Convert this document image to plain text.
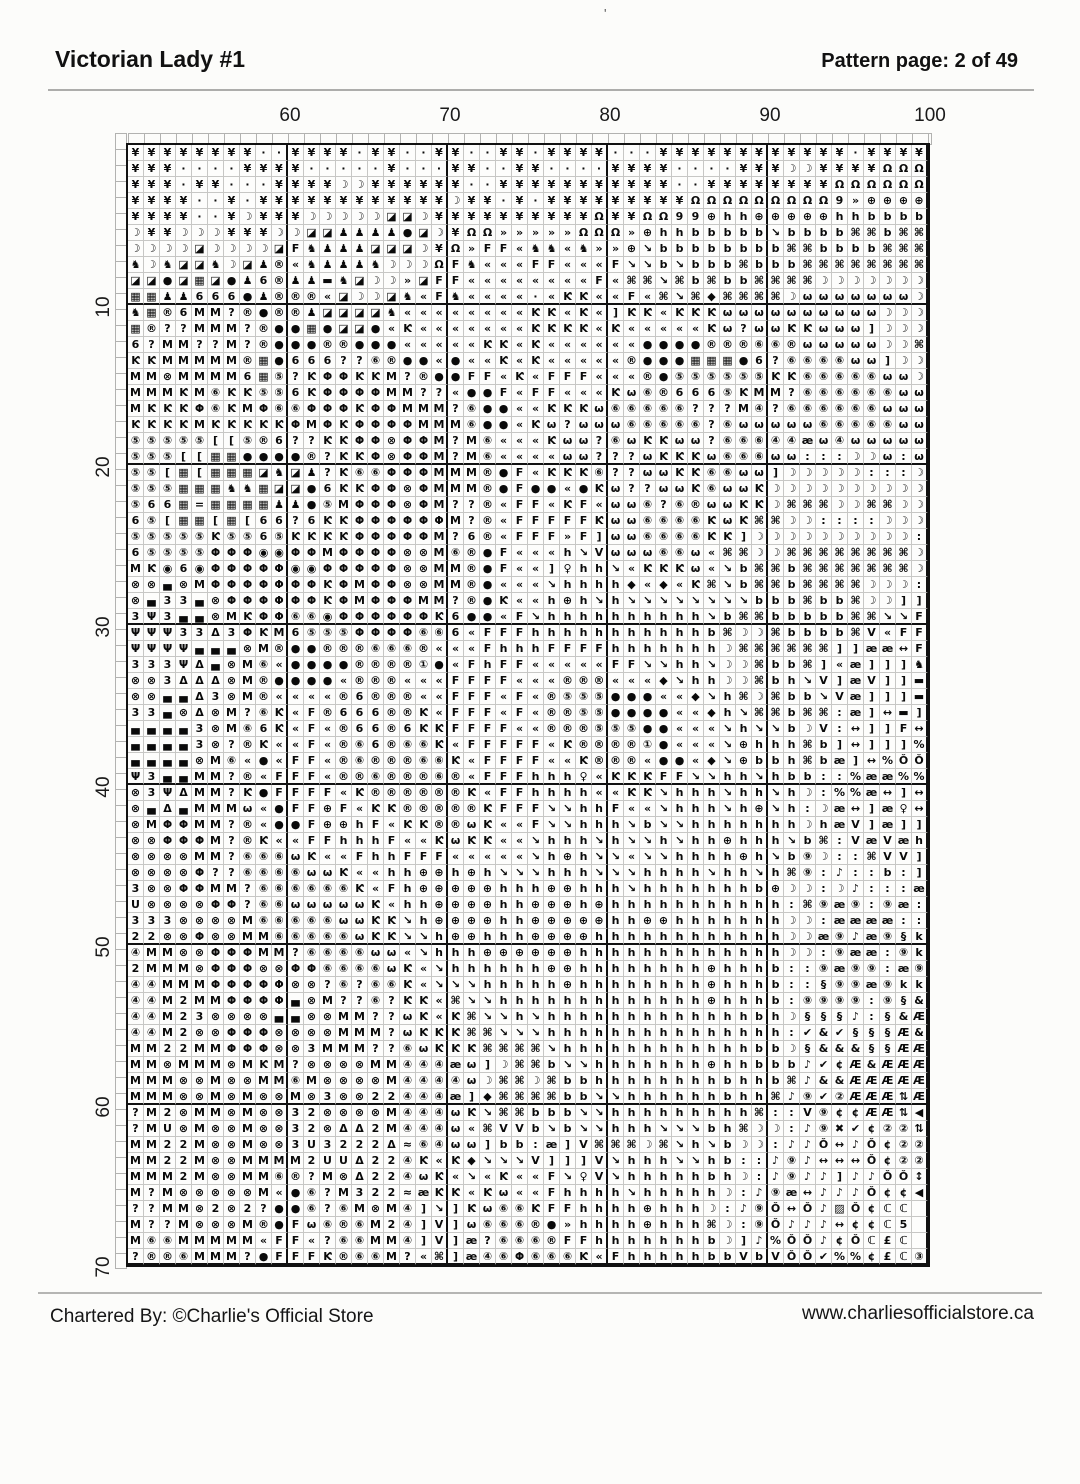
Victorian Lady #1	Pattern page: 2 of 49
'
60	70	80	90	100
10
20
30
40
50
60
70
¥ ¥ ¥ ¥ ¥ ¥ ¥ ¥ ·	· ¥ ¥ ¥ ¥ · ¥ ¥ ·	· ¥ ¥ ·	· ¥ ¥ · ¥ ¥ ¥ ¥ ·	·	· ¥ ¥ ¥ ¥ ¥ ¥ ¥ ¥ ¥ ¥ ¥ ¥ · ¥ ¥ ¥ ¥
¥ ¥ ¥ ·	·	·	· ¥ ¥ ¥ ¥ ·	·	·	·	· ¥ ·	·	· ¥ ¥ ·	· ¥ ¥ ·	·	·	· ¥ ¥ ¥ ¥ ·	·	·	· ¥ ¥ ¥ ☽ ☽ ¥ ¥ ¥ ¥ Ω Ω Ω
¥ ¥ ¥ · ¥ ¥ ·	·	· ¥ ¥ ¥ ¥ ☽ ☽ ¥ ¥ ¥ ¥ ¥ ¥ ·	· ¥ ¥ ¥ ¥ ¥ ¥ ¥ ¥ ¥ ¥ ¥ ·	· ¥ ¥ ¥ ¥ ¥ ¥ ¥ ¥ Ω Ω Ω Ω Ω Ω
¥ ¥ ¥ ¥ ·	· ¥ · ¥ ¥ ¥ ¥ ¥ ¥ ¥ ¥ ¥ ¥ ¥ ¥ ☽ ¥ ¥ · ¥ · ¥ ¥ ¥ ¥ ¥ ¥ ¥ ¥ ¥ Ω Ω Ω Ω Ω Ω Ω Ω Ω 9 » ⊕ ⊕ ⊕ ⊕
¥ ¥ ¥ ¥ ·	· ¥ ☽ ¥ ¥ ¥ ☽ ☽ ☽ ☽ ☽ ◪ ◪ ☽ ¥ ¥ ¥ ¥ ¥ ¥ ¥ ¥ ¥ ¥ Ω ¥ ¥ Ω Ω 9 9 ⊕ h h ⊕ ⊕ ⊕ ⊕ ⊕ h h b b b b
☽ ¥ ¥ ☽ ☽ ☽ ¥ ¥ ¥ ☽ ☽ ◪ ◪ ♟ ♟ ♟ ♟ ● ◪ ☽ ¥ Ω Ω » » » » » Ω Ω Ω » ⊕ h h b b b b b ↘ b b b b ⌘ ⌘ b ⌘ ⌘
☽ ☽ ☽ ☽ ◪ ☽ ☽ ☽ ☽ ◪ F ♞ ♟ ♟ ♟ ◪ ◪ ◪ ☽ ¥ Ω » F F « ♞ ♞ « ♞ » » ⊕ ↘ b b b b b b b b ⌘ ⌘ b b b b ⌘ ⌘ ⌘
♞ ☽ ♞ ◪ ◪ ♞ ☽ ◪ ♟ ® « ♞ ♟ ♟ ♟ ♞ ☽ ☽ ☽ Ω F ♞ « « « F F « « « F ↘ ↘ b ↘ b b b ⌘ b b b ⌘ ⌘ ⌘ ⌘ ⌘ ⌘ ⌘ ⌘
◪ ◪ ● ◪ ▦ ◪ ● ♟ 6 ® ♟ ♟ ▬ ♞ ◪ ☽ ☽ » ◪ F F « « « « « « « « F « ⌘ ⌘ ↘ ⌘ b ⌘ b b ⌘ ⌘ ⌘ ⌘ ☽ ☽ ☽ ☽ ☽ ☽ ☽
▦ ▦ ♟ ♟ 6 6 6 ● ♟ ® ® ® « ◪ ☽ ☽ ◪ ♞ « F ♞ « « « « · « Ƙ Ƙ « « F « ⌘ ↘ ⌘ ◆ ⌘ ⌘ ⌘ ⌘ ☽ ω ω ω ω ω ω ω ☽
♞ ▦ ® 6 M M ? ® ● ® ® ♟ ◪ ◪ ◪ ◪ ♞ « « « « « « « « Ƙ Ƙ « Ƙ « ] Ƙ Ƙ « Ƙ Ƙ Ƙ ω ω ω ω ω ω ω ω ω ω ☽ ☽ ☽
▦ ® ? ? M M M ? ® ● ● ▦ ● ◪ ◪ ● « Ƙ « « « « « « « Ƙ Ƙ Ƙ Ƙ « Ƙ « « « « « Ƙ ω ? ω ω Ƙ Ƙ ω ω ω ] ☽ ☽ ☽
6 ? M M ? ? M ? ® ● ● ● ® ® ● ● ● « « « « « Ƙ Ƙ « Ƙ « « « « « « ● ● ● ● ® ® ® ⑥ ⑥ ® ω ω ω ω ω ☽ ☽ ⌘
Ƙ Ƙ M M M M M ® ▦ ● 6 6 6 ? ? ⑥ ® ● ● « ● « « Ƙ « Ƙ « « « « « ® ● ● ● ▦ ▦ ▦ ● 6 ? ⑥ ⑥ ⑥ ⑥ ω ω ] ☽ ☽
M M ⊗ M M M M 6 ▦ ⑤ ? Ƙ Φ Φ Ƙ Ƙ M ? ® ● ● F F « Ƙ « F F F « « « ® ● ⑤ ⑤ ⑤ ⑤ ⑤ ⑤ Ƙ Ƙ ⑥ ⑥ ⑥ ⑥ ⑥ ω ω ☽
M M M Ƙ M ⑥ Ƙ Ƙ ⑤ ⑤ 6 Ƙ Φ Φ Φ Φ M M ? ? « ● ● F « F F « « « Ƙ ω ⑥ ® 6 6 6 ⑤ Ƙ M M ? ⑥ ⑥ ⑥ ⑥ ⑥ ⑥ ω ω
M Ƙ Ƙ Ƙ Φ ⑥ Ƙ M Φ ⑥ ⑥ Φ Φ Φ Ƙ Φ Φ M M M ? ⑥ ● ● « « Ƙ Ƙ Ƙ ω ⑥ ⑥ ⑥ ⑥ ⑥ ? ? ? M ④ ? ⑥ ⑥ ⑥ ⑥ ⑥ ⑥ ω ω ω
Ƙ Ƙ Ƙ Ƙ M Ƙ Ƙ Ƙ Ƙ Ƙ Φ M Φ Ƙ Φ Φ Φ Φ M M M ⑥ ● ● « Ƙ ω ? ω ω ω ⑥ ⑥ ⑥ ⑥ ⑥ ? ⑥ ω ω ω ω ω ⑥ ⑥ ⑥ ⑥ ⑥ ω ω
⑤ ⑤ ⑤ ⑤ ⑤ [ [ ⑤ ® 6 ? ? Ƙ Ƙ Φ Φ ⊗ Φ Φ M ? M ⑥ « « « Ƙ ω ω ? ⑥ ω Ƙ Ƙ ω ω ? ⑥ ⑥ ⑥ ④ ④ æ ω ④ ω ω ω ω ω
⑤ ⑤ ⑤ [ [ ▦ ▦ ● ● ● ● ® ? Ƙ Ƙ Φ ⊗ Φ Φ M ? M ⑥ « « « « ω ω ? ? ? ω Ƙ Ƙ Ƙ ω ⑥ ⑥ ⑥ ω ω :	:	: ☽ ☽ ω : ω
⑤ ⑤ [ ▦ [ ▦ ▦ ▦ ◪ ♞ ◪ ♟ ? Ƙ ⑥ ⑥ Φ Φ Φ M M M ® ● F « Ƙ Ƙ Ƙ ⑥ ? ? ω ω Ƙ Ƙ ⑥ ⑥ ω ω ] ☽ ☽ ☽ ☽ ☽ :	:	: ☽
⑤ ⑤ ⑤ ▦ ▦ ▦ ♞ ♞ ▦ ◪ ◪ ● 6 Ƙ Ƙ Φ Φ ⊗ Φ M M M ® ● F ● ● « ● Ƙ ω ? ? ω ω Ƙ ⑥ ω ω Ƙ ☽ ☽ ☽ ☽ ☽ ☽ ☽ ☽ ☽ ☽
⑤ 6 6 ▦ = ▦ ▦ ▦ ▦ ♟ ♟ ● ⑤ M Φ Φ Φ ⊗ Φ M ? ? ® « F F « Ƙ F « ω ω ⑥ ? ⑥ ® ω ω Ƙ Ƙ ☽ ⌘ ⌘ ⌘ ☽ ☽ ⌘ ⌘ ☽ ☽
6 ⑤ [ ▦ ▦ [ ▦ [ 6 6 ? 6 Ƙ Ƙ Φ Φ Φ Φ Φ Φ M ? ® « F F F F F Ƙ ω ω ⑥ ⑥ ⑥ ⑥ Ƙ ω Ƙ ⌘ ⌘ ☽ ☽ :	:	:	: ☽ ☽ ☽
⑤ ⑤ ⑤ ⑤ ⑤ Ƙ ⑤ ⑤ 6 ⑤ Ƙ Ƙ Ƙ Ƙ Φ Φ Φ Φ Φ M ? 6 ® « F F F » F ] ω ω ⑥ ⑥ ⑥ ⑥ Ƙ Ƙ ] ☽ ☽ ☽ ☽ ☽ ☽ ☽ ☽ ☽ ☽ :
6 ⑤ ⑤ ⑤ ⑤ Φ Φ Φ ◉ ◉ Φ Φ M Φ Φ Φ Φ ⊗ ⊗ M ⑥ ® ● F « « « h ↘ V ω ω ω ⑥ ⑥ ω « ⌘ ⌘ ☽ ☽ ⌘ ⌘ ⌘ ⌘ ⌘ ⌘ ⌘ ⌘ ☽
M Ƙ ◉ 6 ◉ Φ Φ Φ Φ Φ ◉ ◉ Φ Φ Φ Φ Φ ⊗ ⊗ M M ® ● F « « ] ♀ h h ↘ « Ƙ Ƙ Ƙ ω « ↘ b ⌘ ⌘ b ⌘ ⌘ ⌘ ⌘ ⌘ ⌘ ⌘ ☽
⊗ ⊗ ▄ ⊗ M Φ Φ Φ Φ Φ Φ Φ Ƙ Φ M Φ Φ ⊗ ⊗ M M ® ● « « « ↘ h h h h ◆ « ◆ « Ƙ ⌘ ↘ b ⌘ ⌘ b ⌘ ⌘ ⌘ ⌘ ☽ ☽ ☽ :
⊗ ▄ 3 3 ▄ ⊗ Φ Φ Φ Φ Φ Φ Ƙ Φ M Φ Φ Φ M M ? ® ● Ƙ « « h ⊕ h ↘ h ↘ ↘ ↘ ↘ ↘ ↘ ↘ ↘ b b b ⌘ b b ⌘ ☽ ☽ ] ]
3 Ψ 3 ▄ ▄ ⊗ M Ƙ Φ Φ ⑥ ⑥ ◉ Φ Φ Φ Φ Φ Φ Ƙ 6 ● ● « F ↘ h h h h h h h h h h ↘ b ⌘ ⌘ b b b b b ⌘ ⌘ ↘ ↘ F
Ψ Ψ Ψ 3 3 Δ 3 Φ Ƙ M 6 ⑤ ⑤ ⑤ Φ Φ Φ Φ ⑥ ⑥ 6 « F F F h h h h h h h h h h h b ⌘ ☽ ☽ ⌘ b b b b ⌘ V « F F
Ψ Ψ Ψ Ψ ▄ ▄ ▄ ⊗ M ® ● ● ® ® ® ⑥ ⑥ ⑥ ® « « « F h h h F F F F h h h h h h h ☽ ⌘ ⌘ ⌘ ⌘ ⌘ ⌘ ] ] æ æ ↔ F
3 3 3 Ψ Δ ▄ ⊗ M ⑥ « ● ● ● ● ® ® ® ® ① ● « F h F F « « « « « F F ↘ ↘ h h ↘ ☽ ☽ ⌘ b b ⌘ ] « æ ] ] ] ♞
⊗ ⊗ 3 Δ Δ Δ ⊗ M ® ● ● ● ● « ® ® ® « « « F F F F « « « ® ® ® « « « ◆ ↘ h h ☽ ☽ ⌘ b h ↘ V ] æ V ] ] ▬
⊗ ⊗ ▄ ▄ Δ 3 ⊗ M ® « « « « ® 6 ® ® ® « « F F F « F « ® ⑤ ⑤ ⑤ ● ● ● « « ◆ ↘ h ⌘ ☽ ⌘ b b ↘ V æ ] ] ] ▬
3 3 ▄ ⊗ Δ ⊗ M ? ⑥ Ƙ « F ® 6 6 6 ® ® Ƙ « F F F « F « ® ® ⑤ ⑤ ● ● ● ● « « ◆ h ↘ ⌘ ⌘ b ⌘ ⌘ : æ ] ↔ ▬ ]
▄ ▄ ▄ ▄ 3 ⊗ M ⑥ 6 Ƙ « F « ® 6 6 ® 6 Ƙ Ƙ F F F F « « ® ® ® ⑤ ⑤ ⑤ ● ● « « « ↘ h ↘ ↘ b ☽ V : ↔ ] ] F ↔
▄ ▄ ▄ ▄ 3 ⊗ ? ® Ƙ « « F « ® ⑥ 6 ® ⑥ ⑥ Ƙ « F F F F F « Ƙ ® ® ® ® ① ● « « « ↘ ⊕ h h h ⌘ b ] ↔ ] ] ] %
▄ ▄ ▄ ▄ ⊗ M ⑥ « ● « F F « ® ⑥ ® ® ® ⑥ ⑥ Ƙ « F F F F « « Ƙ ® ® ® « ● ● « ◆ ↘ ⊕ b b h ⌘ b æ ] ↔ % Ŏ Ŏ
Ψ 3 ▄ ▄ M M ? ® « F F F « ® ® ⑥ ® ® ® ⑥ ® « F F F h h h ♀ « Ƙ Ƙ Ƙ F F ↘ ↘ h h ↘ h b b :	: % æ æ % %
⊗ 3 Ψ Δ M M ? Ƙ ● F F F F « Ƙ ® ® ® ® ® ® Ƙ « F F h h h h « « Ƙ Ƙ ↘ h h h ↘ h h ↘ h ☽ : % % æ ↔ ] ↔
⊗ ▄ Δ ▄ M M M ω « ● F F ⊕ F « Ƙ Ƙ ® ® ® ® ® Ƙ F F F ↘ ↘ h h F « « ↘ h h h ↘ h ⊕ ↘ h : ☽ æ ↔ ] æ ♀ ↔
⊗ M Φ Φ M M ? ® « ● ● F ⊕ ⊕ h F « Ƙ Ƙ ® ® ω Ƙ « « F ↘ ↘ h h h ↘ b ↘ ↘ h h h h h h h ☽ h æ V ] æ ] ]
⊗ ⊗ Φ Φ Φ M ? ® Ƙ « « F F h h h F « « Ƙ ω Ƙ Ƙ « « ↘ h h h ↘ h ↘ ↘ h ↘ h h ⊕ h h h ↘ b ⌘ : V æ V æ h
⊗ ⊗ ⊗ ⊗ M M ? ⑥ ⑥ ⑥ ω Ƙ « « F h h F F F « « « « « ↘ h ⊕ h ↘ ↘ « ↘ ↘ h h h h ⊕ h ↘ b ⑨ ☽ :	: ⌘ V V ]
⊗ ⊗ ⊗ ⊗ Φ ? ? ⑥ ⑥ ⑥ ⑥ ω ω Ƙ « « h h ⊕ ⊕ h ⊕ h ↘ ↘ ↘ h h h ↘ ↘ ↘ h h h h ↘ h h ↘ h ⌘ ⑨ : ♪ :	: b : ]
3 ⊗ ⊗ Φ Φ M M ? ⑥ ⑥ ⑥ ⑥ ⑥ ⑥ Ƙ « F h ⊕ ⊕ ⊕ ⊕ ⊕ h h h ⊕ ⊕ h h h ↘ h h h h h h h b ⊕ ☽ ☽ : ☽ ♪ :	:	: æ
U ⊗ ⊗ ⊗ ⊗ Φ Φ ? ⑥ ⑥ ω ω ω ω ω Ƙ « h h ⊕ ⊕ ⊕ ⊕ h h ⊕ ⊕ ⊕ h ⊕ h h h h h h h h h h h : ⌘ ⑨ æ ⑨ : ⑨ æ :
3 3 3 ⊗ ⊗ ⊗ ⊗ M ⑥ ⑥ ⑥ ⑥ ⑥ ω ω Ƙ Ƙ ↘ h ⊕ ⊕ ⊕ ⊕ h h ⊕ ⊕ ⊕ ⊕ ⊕ h h ⊕ ⊕ h h h h h h h ☽ ☽ : æ æ æ æ :	:
2 2 ⊗ ⊗ Φ ⊗ ⊗ M M ⑥ ⑥ ⑥ ⑥ ⑥ ω Ƙ Ƙ ↘ ↘ h ⊕ ⊕ h h h ⊕ ⊕ ⊕ ⊕ h h h h h h h h h h h h ☽ ☽ æ ⑨ ♪ æ ⑨ § k
④ M M ⊗ ⊗ Φ Φ Φ M M ? ⑥ ⑥ ⑥ ⑥ ω ω « ↘ h h h ⊕ ⊕ ⊕ ⊕ ⊕ ⊕ h h h h h h h h h h h h h ☽ ☽ : ⑨ æ æ : ⑨ k
2 M M M ⊗ Φ Φ Φ ⊗ ⊗ Φ Φ ⑥ ⑥ ⑥ ⑥ ω Ƙ « ↘ h h h h h h ⊕ ⊕ h h h h h h h h ⊕ h h h b :	: ⑨ æ ⑨ ⑨ : æ ⑨
④ ④ M M M Φ Φ Φ Φ Φ ⊗ ⊗ ? ⑥ ? ⑥ ⑥ Ƙ « ↘ ↘ ↘ h h h h h ⊕ h h h h h h h h ⊕ h h h b :	:	§ ⑨ ⑨ æ ⑨ k k
④ ④ M 2 M M Φ Φ Φ Φ ▄ ⊗ M ? ? ⑥ ? Ƙ Ƙ « ⌘ ↘ ↘ h h h h h h h h h h h h h ⊕ h h h b : ⑨ ⑨ ⑨ ⑨ : ⑨ § &
④ ④ M 2 3 ⊗ ⊗ ⊗ ⊗ ▄ ▄ ⊗ ⊗ M M ? ? ω Ƙ « Ƙ ⌘ ↘ ↘ h ↘ h h h h h h h h h h h h h b h ☽ § § § ♪ :	§ & Æ
④ ④ M 2 ⊗ ⊗ Φ Φ Φ ⊗ ⊗ ⊗ ⊗ M M M ? ω Ƙ Ƙ Ƙ ⌘ ⌘ ↘ ↘ ↘ h h h h h h h h h h h h h h h : ✔ & ✔ § § § Æ &
M M 2 2 M M Φ Φ Φ ⊗ ⊗ 3 M M M ? ? ⑥ ω Ƙ Ƙ Ƙ ⌘ ⌘ ⌘ ⌘ ↘ h h h h h h h h h h h h b b ☽ § & & & § § Æ Æ
M M ⊗ M M M ⊗ M Ƙ M ? ⊗ ⊗ ⊗ ⊗ M M ④ ④ ④ æ ω ] ☽ ⌘ ⌘ b ↘ ↘ h h h h h h h ⊕ h h b b b ♪ ✔ ¢ Æ & Æ Æ Æ
M M M ⊗ ⊗ M ⊗ ⊗ M M ⑥ M ⊗ ⊗ ⊗ ⊗ M ④ ④ ④ ④ ω ☽ ⌘ ⌘ ☽ ⌘ b b h h h h h h h h b h h b ⌘ ♪ & & Æ Æ Æ Æ Æ
M M M ⊗ ⊗ M ⊗ M ⊗ ⊗ M ⊗ 3 ⊗ ⊗ 2 2 ④ ④ ④ æ ] ◆ ⌘ ⌘ ⌘ ⌘ b b ↘ ↘ h h h h h h b h h ⌘ ♪ ⑨ ✔ ② Æ Æ Æ ⇅ Æ
? M 2 ⊗ M M ⊗ M ⊗ ⊗ 3 2 ⊗ ⊗ ⊗ ⊗ M ④ ④ ④ ω Ƙ ↘ ⌘ ⌘ b b b ↘ ↘ h h h h h h h h h ⌘ :	: V ⑨ ¢ ¢ Æ Æ ⇅ ◀
? M U ⊗ M ⊗ ⊗ M ⊗ ⊗ 3 2 ⊗ Δ Δ 2 M ④ ④ ④ ω « ⌘ V V b ↘ b ↘ ↘ h h h ↘ ↘ ↘ b h ⌘ ☽ ☽ : ♪ ⑨ ✖ ✔ ¢ ② ② ⇅
M M 2 2 M ⊗ ⊗ M ⊗ ⊗ 3 U 3 2 2 2 Δ ≈ ⑥ ④ ω ω ] b b : æ ] V ⌘ ⌘ ⌘ ☽ ⌘ ↘ h ↘ b ☽ ☽ : ♪ ♪ Ŏ ↔ ♪ Ŏ ¢ ② ②
M M 2 2 M ⊗ ⊗ M M M M 2 U U Δ 2 2 ④ Ƙ « Ƙ ◆ ↘ ↘ ↘ V ] ] ] V ↘ h h h ↘ ↘ h b :	: ♪ ⑨ ♪ ↔ ↔ ↔ Ŏ ¢ ② ②
M M M 2 M ⊗ ⊗ M M ⑥ ® ? M ⊗ Δ 2 2 ④ ω Ƙ « ↘ « Ƙ « « F ↘ ♀ V ↘ h h h h h b h ☽ : ♪ ⑨ ♪ ♪ ] ♪ ♪ Ŏ Ŏ ↕
M ? M ⊗ ⊗ ⊗ ⊗ ⊗ M « ● ⑥ ? M 3 2 2 ≈ æ Ƙ Ƙ « Ƙ ω « « F h h h h ↘ h h h h h ☽ : ♪ ⑨ æ ↔ ♪ ♪ ♪ Ŏ ¢ ¢ ◀
? ? M M ⊗ 2 ⊗ 2 ? ● ● ⑥ ? ⑥ M ⊗ M ④ ] ↘ ] Ƙ ω ⑥ ⑥ Ƙ F F h h h h ⊕ h h h ☽ : ♪ ⑨ Ŏ ↔ Ŏ ♪ ▨ Ŏ ¢ ℂ ℂ
M ? ? M ⊗ ⊗ ⊗ M ® ● F ω ⑥ ® ⑥ M 2 ④ ] V ] ω ⑥ ⑥ ⑥ ® ● » h h h h ⊕ h h h ⌘ ☽ : ⑨ Ŏ ♪ ♪ ♪ ↔ ¢ ¢ ℂ 5
M ⑥ ⑥ M M M M M « F F « ? ⑥ ⑥ M M ④ ] V ] æ ? ⑥ ⑥ ⑥ ® F F h h h h h h h b ☽ ] ♪ % Ŏ Ŏ ♪ ¢ Ŏ ℂ £ ℂ
? ® ® ⑥ M M M ? ● F F F Ƙ ® ⑥ ⑥ M ? « ⌘ ] æ ④ ⑥ Φ ⑥ ⑥ ⑥ Ƙ « F h h h h h b b V b V Ŏ Ŏ ✔ % % ¢ £ ℂ ③
Chartered By: ©Charlie's Official Store	www.charliesofficialstore.ca
